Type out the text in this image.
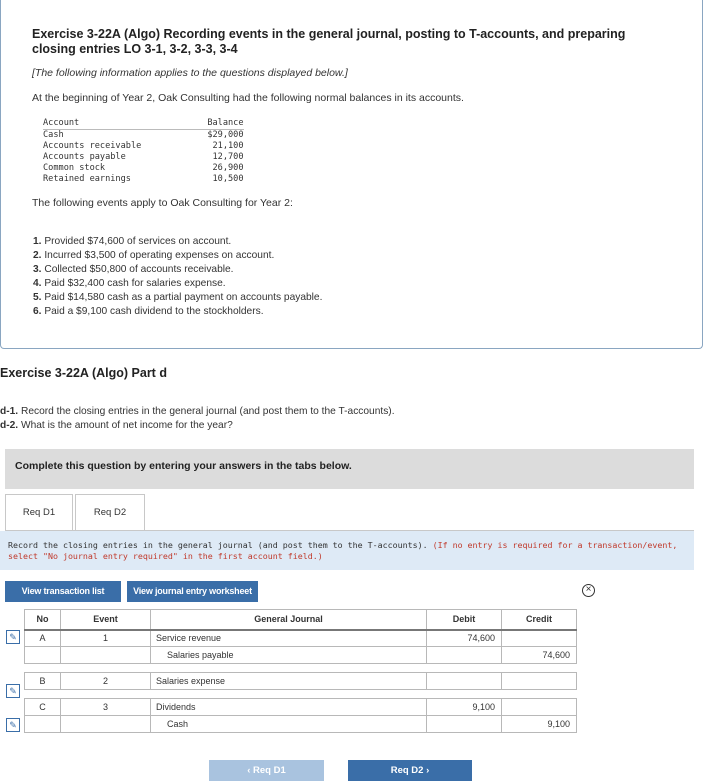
Exercise 3-22A (Algo) Recording events in the general journal, posting to T-accounts, and preparing closing entries LO 3-1, 3-2, 3-3, 3-4
[The following information applies to the questions displayed below.]
At the beginning of Year 2, Oak Consulting had the following normal balances in its accounts.
Account	Balance
Cash	$29,000
Accounts receivable	21,100
Accounts payable	12,700
Common stock	26,900
Retained earnings	10,500
The following events apply to Oak Consulting for Year 2:
1. Provided $74,600 of services on account.
2. Incurred $3,500 of operating expenses on account.
3. Collected $50,800 of accounts receivable.
4. Paid $32,400 cash for salaries expense.
5. Paid $14,580 cash as a partial payment on accounts payable.
6. Paid a $9,100 cash dividend to the stockholders.
Exercise 3-22A (Algo) Part d
d-1. Record the closing entries in the general journal (and post them to the T-accounts).
d-2. What is the amount of net income for the year?
Complete this question by entering your answers in the tabs below.
Req D1	Req D2
Record the closing entries in the general journal (and post them to the T-accounts). (If no entry is required for a transaction/event,
select "No journal entry required" in the first account field.)
View transaction list	View journal entry worksheet	×
No	Event	General Journal	Debit	Credit
A	1	Service revenue	74,600	
		Salaries payable		74,600

B	2	Salaries expense		

C	3	Dividends	9,100	
		Cash		9,100
✎
✎
✎
‹ Req D1	Req D2 ›
